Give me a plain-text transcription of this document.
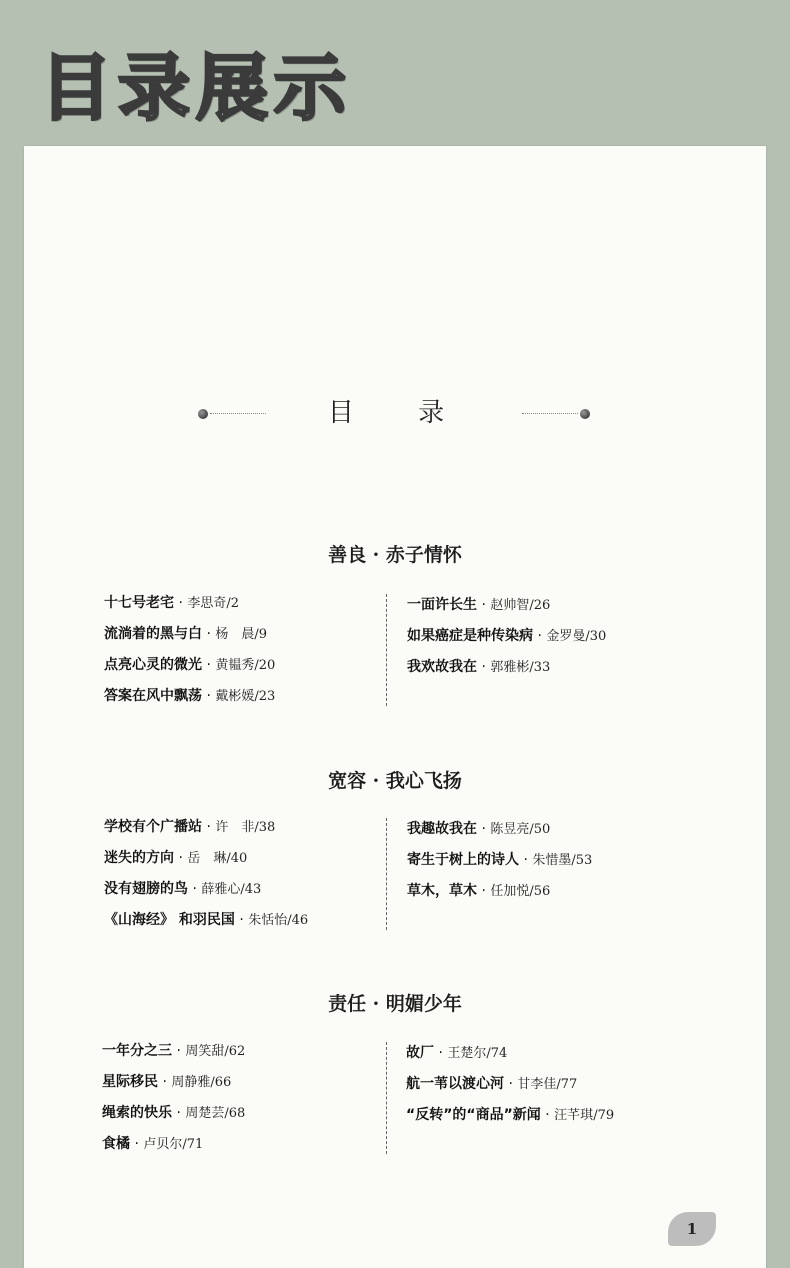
目录展示
目 录
善良 · 赤子情怀
十七号老宅 · 李思奇/2
流淌着的黑与白 · 杨　晨/9
点亮心灵的微光 · 黄韫秀/20
答案在风中飘荡 · 戴彬媛/23
一面许长生 · 赵帅智/26
如果癌症是种传染病 · 金罗曼/30
我欢故我在 · 郭雅彬/33
宽容 · 我心飞扬
学校有个广播站 · 许　非/38
迷失的方向 · 岳　琳/40
没有翅膀的鸟 · 薛雅心/43
《山海经》 和羽民国 · 朱恬怡/46
我趣故我在 · 陈昱亮/50
寄生于树上的诗人 · 朱惜墨/53
草木，草木 · 任加悦/56
责任 · 明媚少年
一年分之三 · 周笑甜/62
星际移民 · 周静雅/66
绳索的快乐 · 周楚芸/68
食橘 · 卢贝尔/71
故厂 · 王楚尔/74
航一苇以渡心河 · 甘李佳/77
“反转”的“商品”新闻 · 汪芊琪/79
1
